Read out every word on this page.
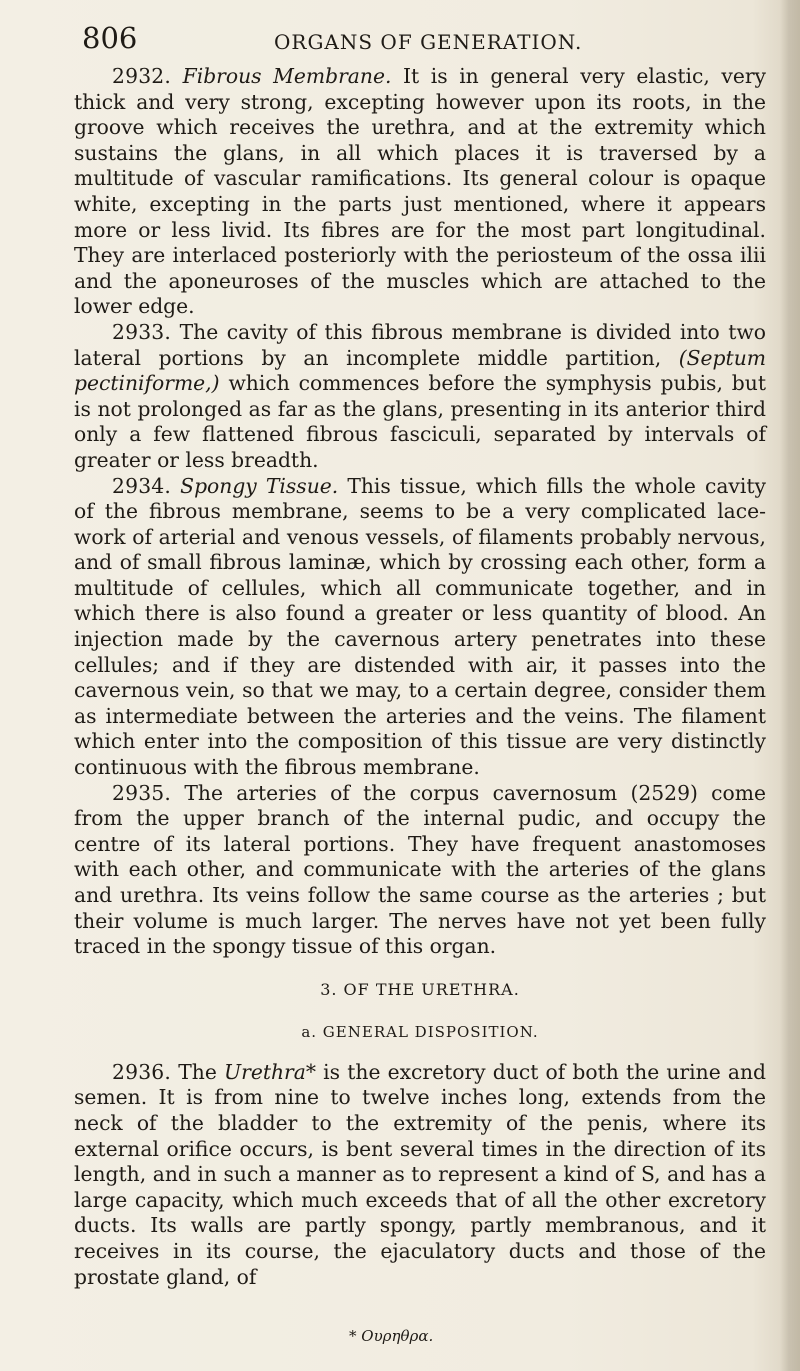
806	ORGANS OF GENERATION.

2932. Fibrous Membrane. It is in general very elastic, very thick and very strong, excepting however upon its roots, in the groove which receives the urethra, and at the extremity which sustains the glans, in all which places it is traversed by a multitude of vascular ramifications. Its general colour is opaque white, excepting in the parts just mentioned, where it appears more or less livid. Its fibres are for the most part longitudinal. They are interlaced posteriorly with the periosteum of the ossa ilii and the aponeuroses of the muscles which are attached to the lower edge.

2933. The cavity of this fibrous membrane is divided into two lateral portions by an incomplete middle partition, (Septum pectiniforme,) which commences before the symphysis pubis, but is not prolonged as far as the glans, presenting in its anterior third only a few flattened fibrous fasciculi, separated by intervals of greater or less breadth.

2934. Spongy Tissue. This tissue, which fills the whole cavity of the fibrous membrane, seems to be a very complicated lace-work of arterial and venous vessels, of filaments probably nervous, and of small fibrous laminæ, which by crossing each other, form a multitude of cellules, which all communicate together, and in which there is also found a greater or less quantity of blood. An injection made by the cavernous artery penetrates into these cellules; and if they are distended with air, it passes into the cavernous vein, so that we may, to a certain degree, consider them as intermediate between the arteries and the veins. The filament which enter into the composition of this tissue are very distinctly continuous with the fibrous membrane.

2935. The arteries of the corpus cavernosum (2529) come from the upper branch of the internal pudic, and occupy the centre of its lateral portions. They have frequent anastomoses with each other, and communicate with the arteries of the glans and urethra. Its veins follow the same course as the arteries ; but their volume is much larger. The nerves have not yet been fully traced in the spongy tissue of this organ.

3. OF THE URETHRA.
a. GENERAL DISPOSITION.

2936. The Urethra* is the excretory duct of both the urine and semen. It is from nine to twelve inches long, extends from the neck of the bladder to the extremity of the penis, where its external orifice occurs, is bent several times in the direction of its length, and in such a manner as to represent a kind of S, and has a large capacity, which much exceeds that of all the other excretory ducts. Its walls are partly spongy, partly membranous, and it receives in its course, the ejaculatory ducts and those of the prostate gland, of

* Ουρηθρα.
